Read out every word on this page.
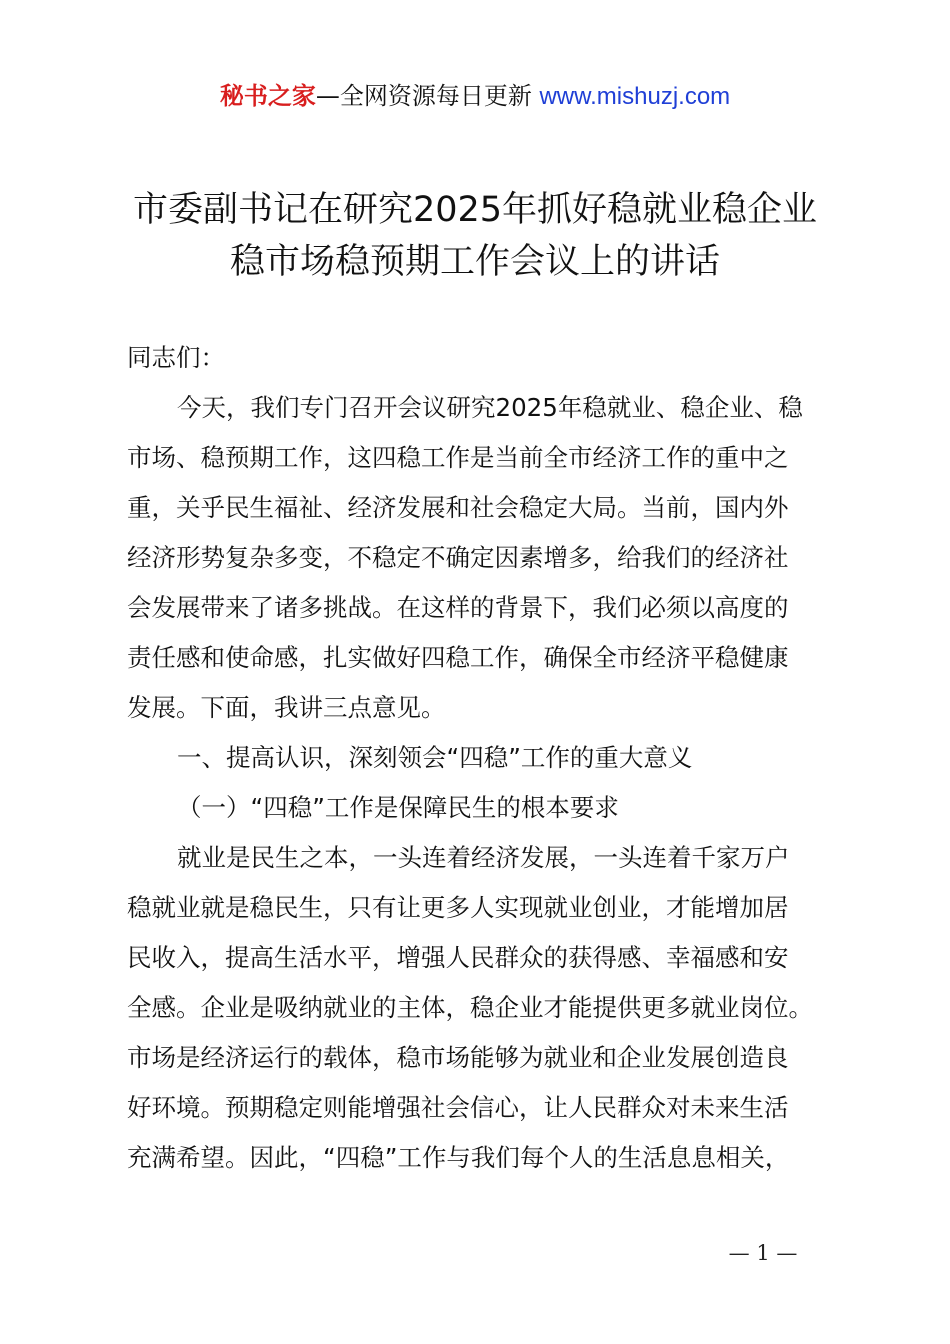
秘书之家—全网资源每日更新 www.mishuzj.com
市委副书记在研究2025年抓好稳就业稳企业
稳市场稳预期工作会议上的讲话
同志们：
今天，我们专门召开会议研究2025年稳就业、稳企业、稳
市场、稳预期工作，这四稳工作是当前全市经济工作的重中之
重，关乎民生福祉、经济发展和社会稳定大局。当前，国内外
经济形势复杂多变，不稳定不确定因素增多，给我们的经济社
会发展带来了诸多挑战。在这样的背景下，我们必须以高度的
责任感和使命感，扎实做好四稳工作，确保全市经济平稳健康
发展。下面，我讲三点意见。
一、提高认识，深刻领会“四稳”工作的重大意义
（一）“四稳”工作是保障民生的根本要求
就业是民生之本，一头连着经济发展，一头连着千家万户
稳就业就是稳民生，只有让更多人实现就业创业，才能增加居
民收入，提高生活水平，增强人民群众的获得感、幸福感和安
全感。企业是吸纳就业的主体，稳企业才能提供更多就业岗位。
市场是经济运行的载体，稳市场能够为就业和企业发展创造良
好环境。预期稳定则能增强社会信心，让人民群众对未来生活
充满希望。因此，“四稳”工作与我们每个人的生活息息相关，
— 1 —
